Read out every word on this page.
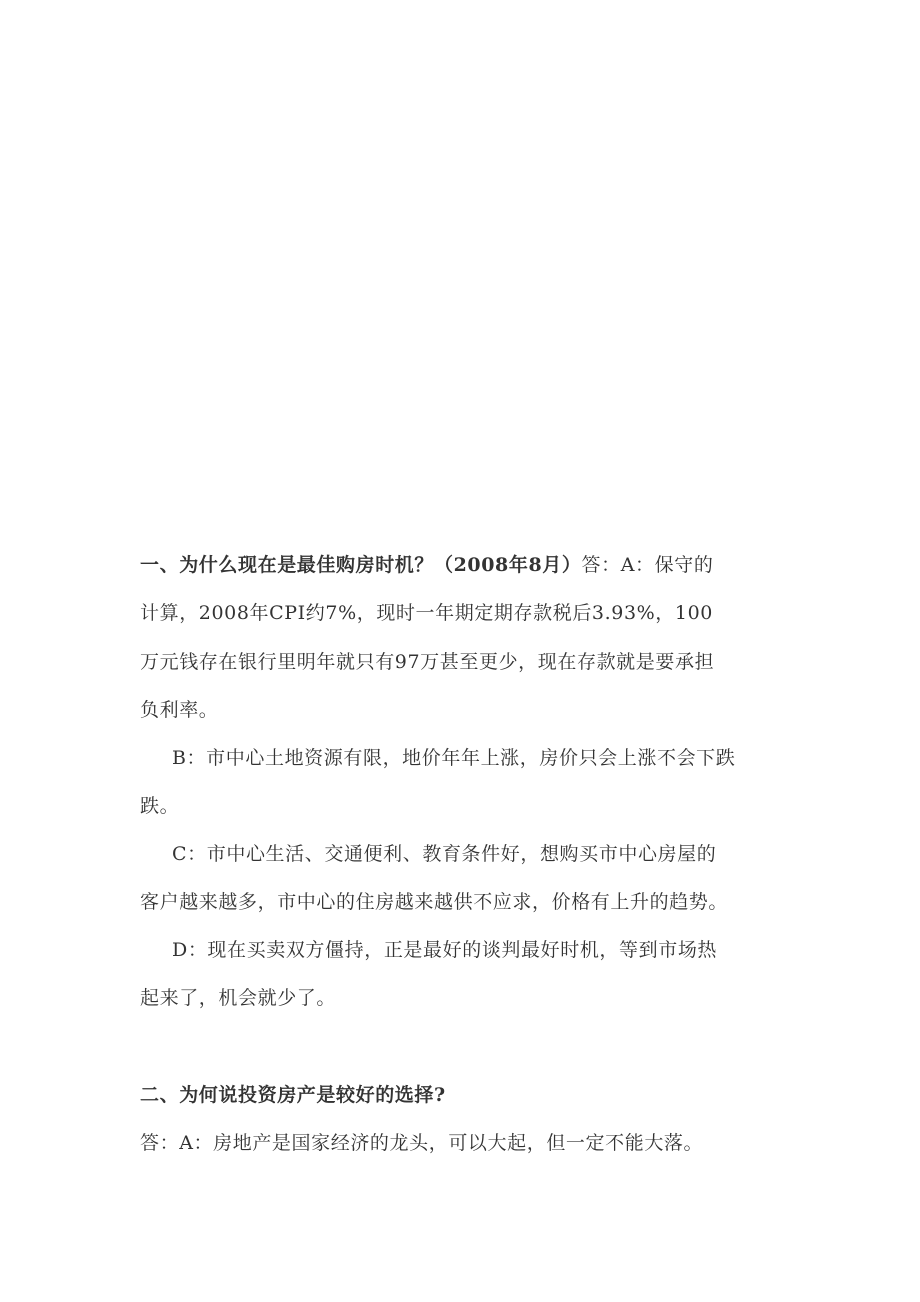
一、为什么现在是最佳购房时机？（2008年8月）答：A：保守的
计算，2008年CPI约7%，现时一年期定期存款税后3.93%，100
万元钱存在银行里明年就只有97万甚至更少，现在存款就是要承担
负利率。
B：市中心土地资源有限，地价年年上涨，房价只会上涨不会下跌
跌。
C：市中心生活、交通便利、教育条件好，想购买市中心房屋的
客户越来越多，市中心的住房越来越供不应求，价格有上升的趋势。
D：现在买卖双方僵持，正是最好的谈判最好时机，等到市场热
起来了，机会就少了。
二、为何说投资房产是较好的选择?
答：A：房地产是国家经济的龙头，可以大起，但一定不能大落。
